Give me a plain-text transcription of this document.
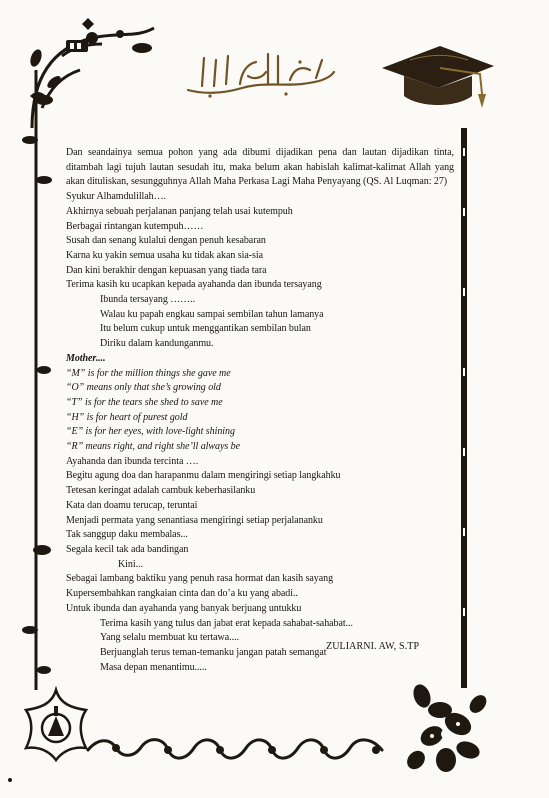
Dan seandainya semua pohon yang ada dibumi dijadikan pena dan lautan dijadikan tinta, ditambah lagi tujuh lautan sesudah itu, maka belum akan habislah kalimat-kalimat Allah yang akan dituliskan, sesungguhnya Allah Maha Perkasa Lagi Maha Penyayang (QS. Al Luqman: 27)

Syukur Alhamdulillah….

Akhirnya sebuah perjalanan panjang telah usai kutempuh

Berbagai rintangan kutempuh……

Susah dan senang kulalui dengan penuh kesabaran

Karna ku yakin semua usaha ku tidak akan sia-sia

Dan kini berakhir dengan kepuasan yang tiada tara

Terima kasih ku ucapkan kepada ayahanda dan ibunda tersayang

Ibunda tersayang ……..

Walau ku papah engkau sampai sembilan tahun lamanya

Itu belum cukup untuk menggantikan sembilan bulan

Diriku dalam kandunganmu.

Mother....

“M” is for the million things she gave me

“O” means only that she’s growing old

“T” is for the tears she shed to save me

“H” is for heart of purest gold

“E” is for her eyes, with love-light shining

“R” means right, and right she’ll always be

Ayahanda dan ibunda tercinta ….

Begitu agung doa dan harapanmu dalam mengiringi setiap langkahku

Tetesan keringat adalah cambuk keberhasilanku

Kata dan doamu terucap, teruntai

Menjadi permata yang senantiasa mengiringi setiap perjalananku

Tak sanggup daku membalas...

Segala kecil tak ada bandingan

Kini...

Sebagai lambang baktiku yang penuh rasa hormat dan kasih sayang

Kupersembahkan rangkaian cinta dan do’a ku yang abadi..

Untuk ibunda dan ayahanda yang banyak berjuang untukku

Terima kasih yang tulus dan jabat erat kepada sahabat-sahabat...

Yang selalu membuat ku tertawa....

Berjuanglah terus teman-temanku jangan patah semangat

Masa depan menantimu.....

ZULIARNI. AW, S.TP
